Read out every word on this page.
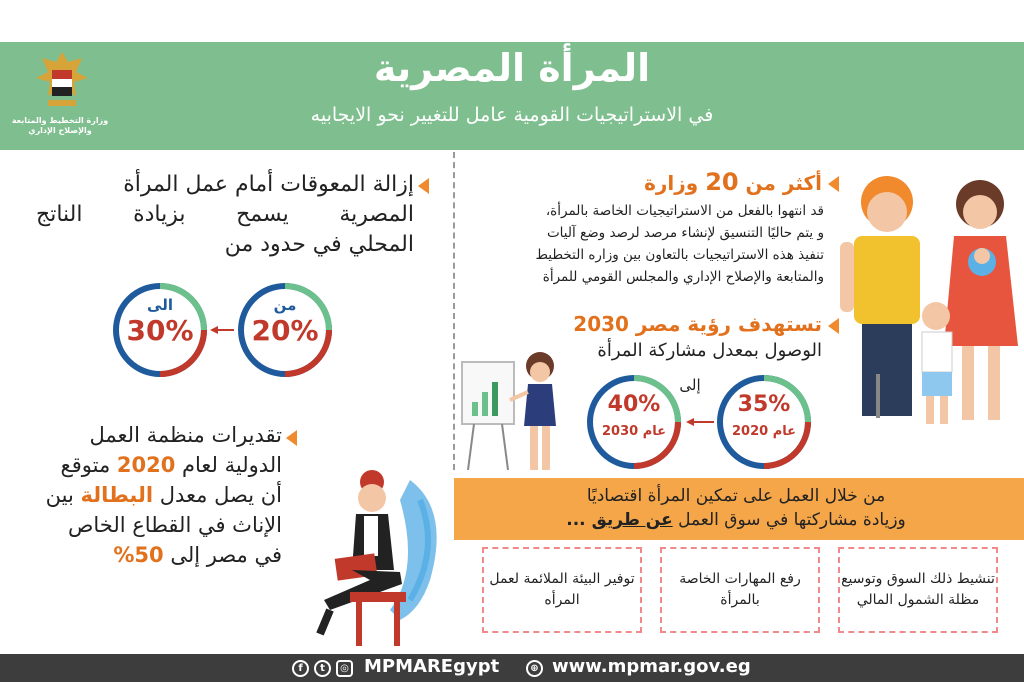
وزارة التخطيط والمتابعة والإصلاح الإداري
المرأة المصرية
في الاستراتيجيات القومية عامل للتغيير نحو الايجابيه
إزالة المعوقات أمام عمل المرأة
المصرية يسمح بزيادة الناتج
المحلي في حدود من
الى
30%
من
20%
تقديرات منظمة العمل
الدولية لعام 2020 متوقع
أن يصل معدل البطالة بين
الإناث في القطاع الخاص
في مصر إلى 50%
أكثر من 20 وزارة
قد انتهوا بالفعل من الاستراتيجيات الخاصة بالمرأة،
و يتم حاليًا التنسيق لإنشاء مرصد لرصد وضع آليات
تنفيذ هذه الاستراتيجيات بالتعاون بين وزاره التخطيط
والمتابعة والإصلاح الإداري والمجلس القومي للمرأة
تستهدف رؤية مصر 2030
الوصول بمعدل مشاركة المرأة
إلى
40%
عام 2030
35%
عام 2020
من خلال العمل على تمكين المرأة اقتصاديًا
وزيادة مشاركتها في سوق العمل عن طريق ...
تنشيط ذلك السوق وتوسيع مظلة الشمول المالي
رفع المهارات الخاصة بالمرأة
توفير البيئة الملائمة لعمل المرأه
f	t	◎ MPMAREgypt	⊕ www.mpmar.gov.eg
